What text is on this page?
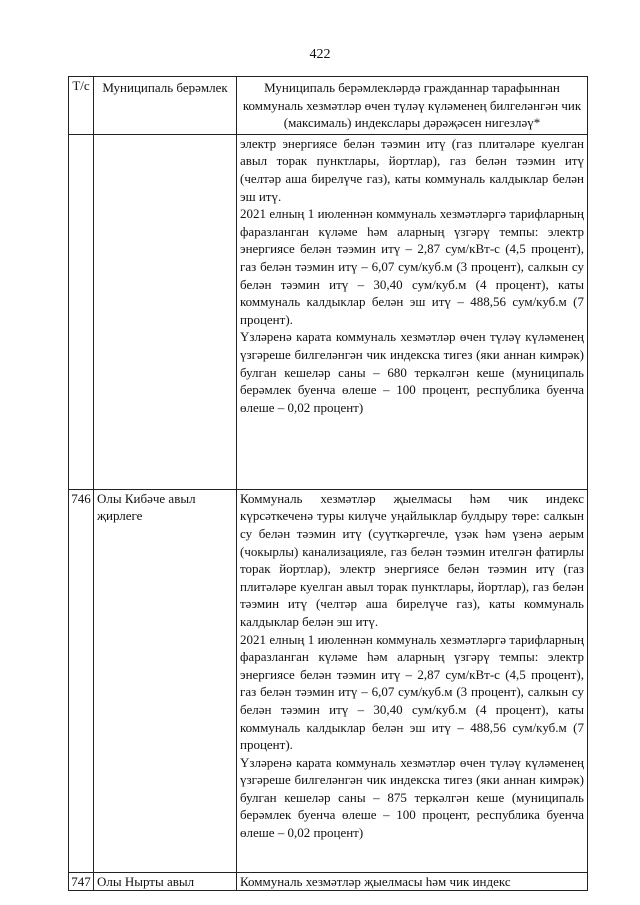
422
Т/с	Муниципаль берәмлек	Муниципаль берәмлекләрдә гражданнар тарафыннан коммуналь хезмәтләр өчен түләү күләменең билгеләнгән чик (максималь) индекслары дәрәҗәсен нигезләү*

		электр энергиясе белән тәэмин итү (газ плитәләре куелган авыл торак пунктлары, йортлар), газ белән тәэмин итү (челтәр аша бирелүче газ), каты коммуналь калдыклар белән эш итү.
2021 елның 1 июленнән коммуналь хезмәтләргә тарифларның фаразланган күләме һәм аларның үзгәрү темпы: электр энергиясе белән тәэмин итү – 2,87 сум/кВт-с (4,5 процент), газ белән тәэмин итү – 6,07 сум/куб.м (3 процент), салкын су белән тәэмин итү – 30,40 сум/куб.м (4 процент), каты коммуналь калдыклар белән эш итү – 488,56 сум/куб.м (7 процент).
Үзләренә карата коммуналь хезмәтләр өчен түләү күләменең үзгәреше билгеләнгән чик индекска тигез (яки аннан кимрәк) булган кешеләр саны – 680 теркәлгән кеше (муниципаль берәмлек буенча өлеше – 100 процент, республика буенча өлеше – 0,02 процент)

746	Олы Кибәче авыл җирлеге	Коммуналь хезмәтләр җыелмасы һәм чик индекс күрсәткеченә туры килүче уңайлыклар булдыру төре: салкын су белән тәэмин итү (суүткәргечле, үзәк һәм үзенә аерым (чокырлы) канализацияле, газ белән тәэмин ителгән фатирлы торак йортлар), электр энергиясе белән тәэмин итү (газ плитәләре куелган авыл торак пунктлары, йортлар), газ белән тәэмин итү (челтәр аша бирелүче газ), каты коммуналь калдыклар белән эш итү.
2021 елның 1 июленнән коммуналь хезмәтләргә тарифларның фаразланган күләме һәм аларның үзгәрү темпы: электр энергиясе белән тәэмин итү – 2,87 сум/кВт-с (4,5 процент), газ белән тәэмин итү – 6,07 сум/куб.м (3 процент), салкын су белән тәэмин итү – 30,40 сум/куб.м (4 процент), каты коммуналь калдыклар белән эш итү – 488,56 сум/куб.м (7 процент).
Үзләренә карата коммуналь хезмәтләр өчен түләү күләменең үзгәреше билгеләнгән чик индекска тигез (яки аннан кимрәк) булган кешеләр саны – 875 теркәлгән кеше (муниципаль берәмлек буенча өлеше – 100 процент, республика буенча өлеше – 0,02 процент)

747	Олы Нырты авыл	Коммуналь хезмәтләр җыелмасы һәм чик индекс
